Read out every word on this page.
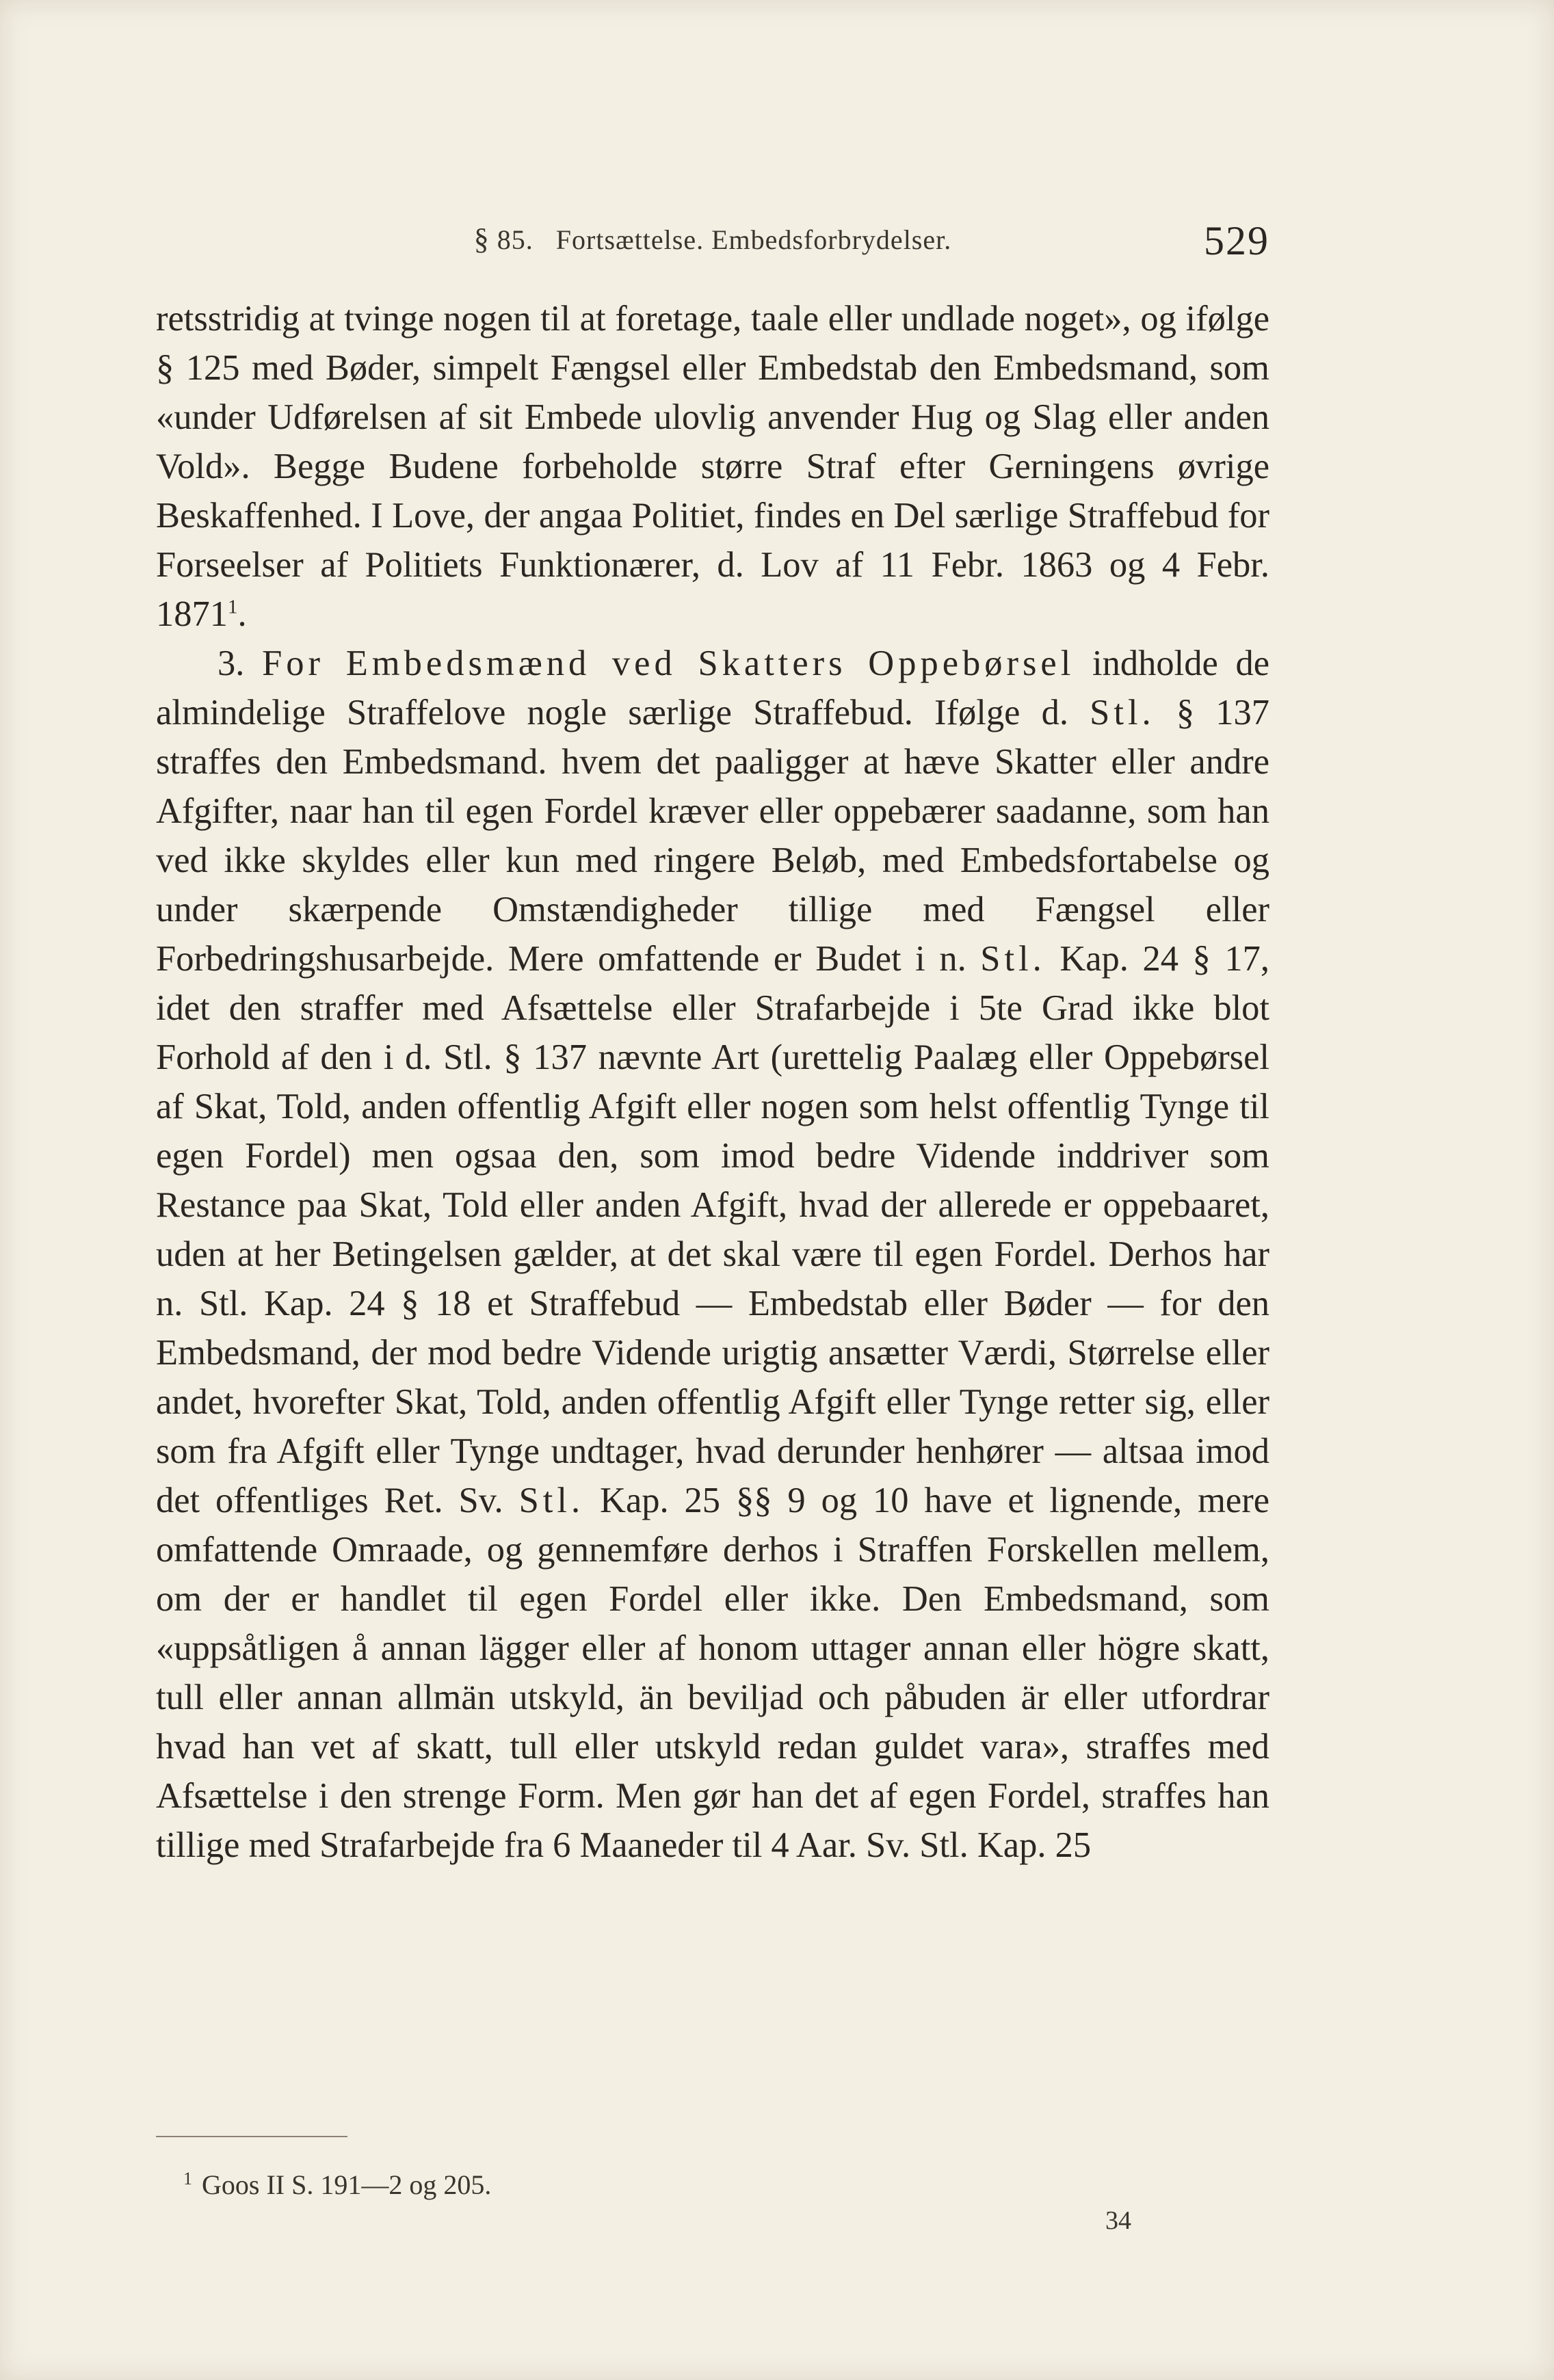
§ 85. Fortsættelse. Embedsforbrydelser.	529

retsstridig at tvinge nogen til at foretage, taale eller undlade noget», og ifølge § 125 med Bøder, simpelt Fængsel eller Embedstab den Embedsmand, som «under Udførelsen af sit Embede ulovlig anvender Hug og Slag eller anden Vold». Begge Budene forbeholde større Straf efter Gerningens øvrige Beskaffenhed. I Love, der angaa Politiet, findes en Del særlige Straffebud for Forseelser af Politiets Funktionærer, d. Lov af 11 Febr. 1863 og 4 Febr. 1871$^1$.

3. For Embedsmænd ved Skatters Oppebørsel indholde de almindelige Straffelove nogle særlige Straffebud. Ifølge d. Stl. § 137 straffes den Embedsmand. hvem det paaligger at hæve Skatter eller andre Afgifter, naar han til egen Fordel kræver eller oppebærer saadanne, som han ved ikke skyldes eller kun med ringere Beløb, med Embedsfortabelse og under skærpende Omstændigheder tillige med Fængsel eller Forbedringshusarbejde. Mere omfattende er Budet i n. Stl. Kap. 24 § 17, idet den straffer med Afsættelse eller Strafarbejde i 5te Grad ikke blot Forhold af den i d. Stl. § 137 nævnte Art (urettelig Paalæg eller Oppebørsel af Skat, Told, anden offentlig Afgift eller nogen som helst offentlig Tynge til egen Fordel) men ogsaa den, som imod bedre Vidende inddriver som Restance paa Skat, Told eller anden Afgift, hvad der allerede er oppebaaret, uden at her Betingelsen gælder, at det skal være til egen Fordel. Derhos har n. Stl. Kap. 24 § 18 et Straffebud — Embedstab eller Bøder — for den Embedsmand, der mod bedre Vidende urigtig ansætter Værdi, Størrelse eller andet, hvorefter Skat, Told, anden offentlig Afgift eller Tynge retter sig, eller som fra Afgift eller Tynge undtager, hvad derunder henhører — altsaa imod det offentliges Ret. Sv. Stl. Kap. 25 §§ 9 og 10 have et lignende, mere omfattende Omraade, og gennemføre derhos i Straffen Forskellen mellem, om der er handlet til egen Fordel eller ikke. Den Embedsmand, som «uppsåtligen å annan lägger eller af honom uttager annan eller högre skatt, tull eller annan allmän utskyld, än beviljad och påbuden är eller utfordrar hvad han vet af skatt, tull eller utskyld redan guldet vara», straffes med Afsættelse i den strenge Form. Men gør han det af egen Fordel, straffes han tillige med Strafarbejde fra 6 Maaneder til 4 Aar. Sv. Stl. Kap. 25

$^1$ Goos II S. 191—2 og 205.
34
